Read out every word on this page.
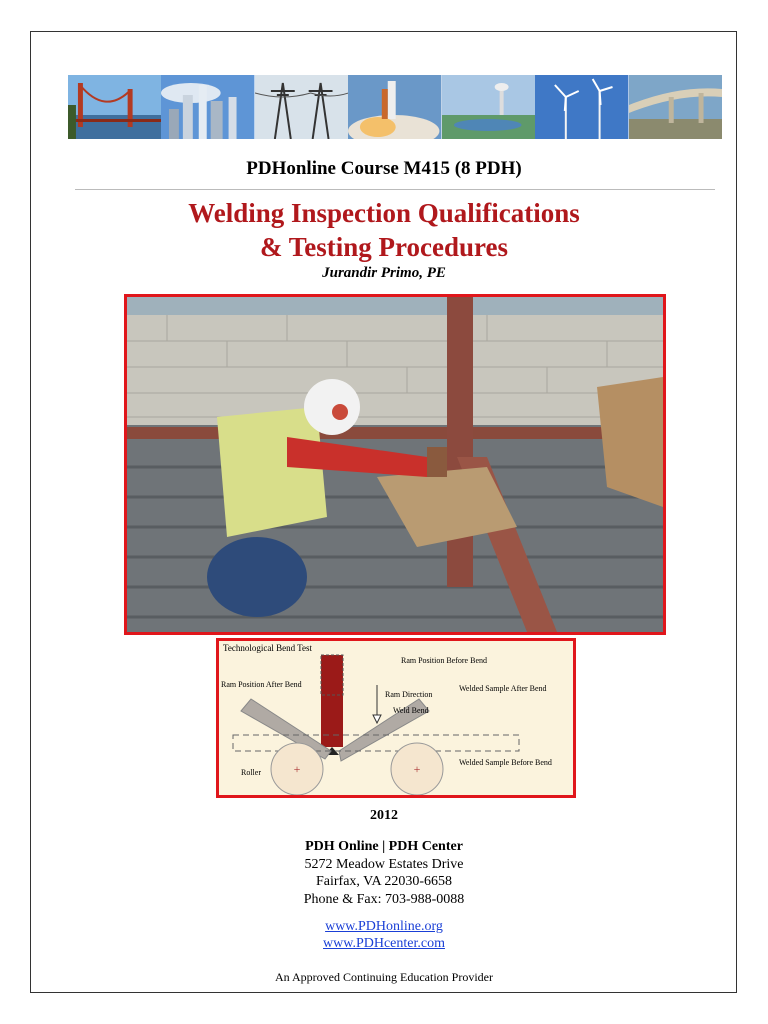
PDHonline Course M415 (8 PDH)
Welding Inspection Qualifications
& Testing Procedures
Jurandir Primo, PE
+	+
Technological Bend Test
Ram Position Before Bend
Ram Position After Bend
Ram Direction
Weld Bend
Welded Sample After Bend
Welded Sample Before Bend
Roller
2012
PDH Online | PDH Center
5272 Meadow Estates Drive
Fairfax, VA 22030-6658
Phone & Fax: 703-988-0088
www.PDHonline.org
www.PDHcenter.com
An Approved Continuing Education Provider
